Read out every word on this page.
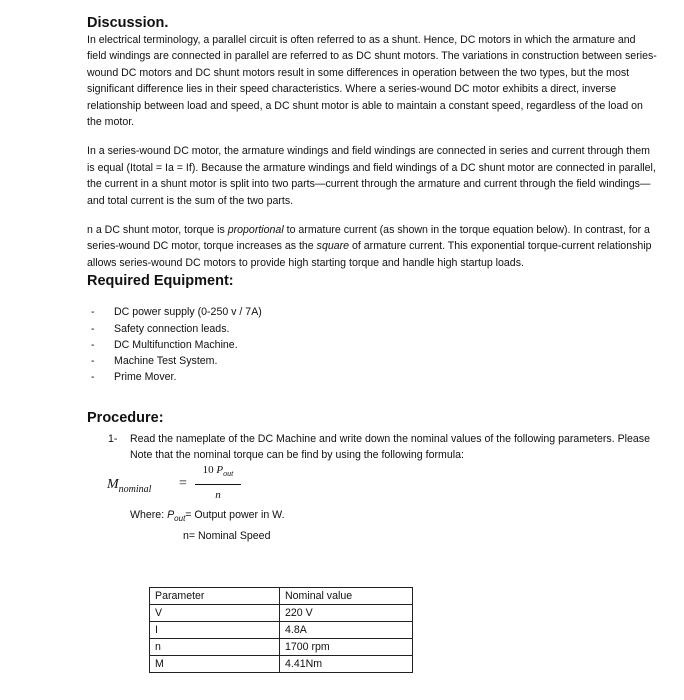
Discussion.

In electrical terminology, a parallel circuit is often referred to as a shunt. Hence, DC motors in which the armature and field windings are connected in parallel are referred to as DC shunt motors. The variations in construction between series-wound DC motors and DC shunt motors result in some differences in operation between the two types, but the most significant difference lies in their speed characteristics. Where a series-wound DC motor exhibits a direct, inverse relationship between load and speed, a DC shunt motor is able to maintain a constant speed, regardless of the load on the motor.

In a series-wound DC motor, the armature windings and field windings are connected in series and current through them is equal (Itotal = Ia = If). Because the armature windings and field windings of a DC shunt motor are connected in parallel, the current in a shunt motor is split into two parts—current through the armature and current through the field windings—and total current is the sum of the two parts.

n a DC shunt motor, torque is proportional to armature current (as shown in the torque equation below). In contrast, for a series-wound DC motor, torque increases as the square of armature current. This exponential torque-current relationship allows series-wound DC motors to provide high starting torque and handle high startup loads.

Required Equipment:
- DC power supply (0-250 v / 7A)
- Safety connection leads.
- DC Multifunction Machine.
- Machine Test System.
- Prime Mover.
Procedure:
1- Read the nameplate of the DC Machine and write down the nominal values of the following parameters. Please Note that the nominal torque can be find by using the following formula:
$M_{nominal}$ =
10 $P_{out}$
n
Where: $P_{out}=$ Output power in W.
n= Nominal Speed
Parameter	Nominal value
V	220 V
I	4.8A
n	1700 rpm
M	4.41Nm
